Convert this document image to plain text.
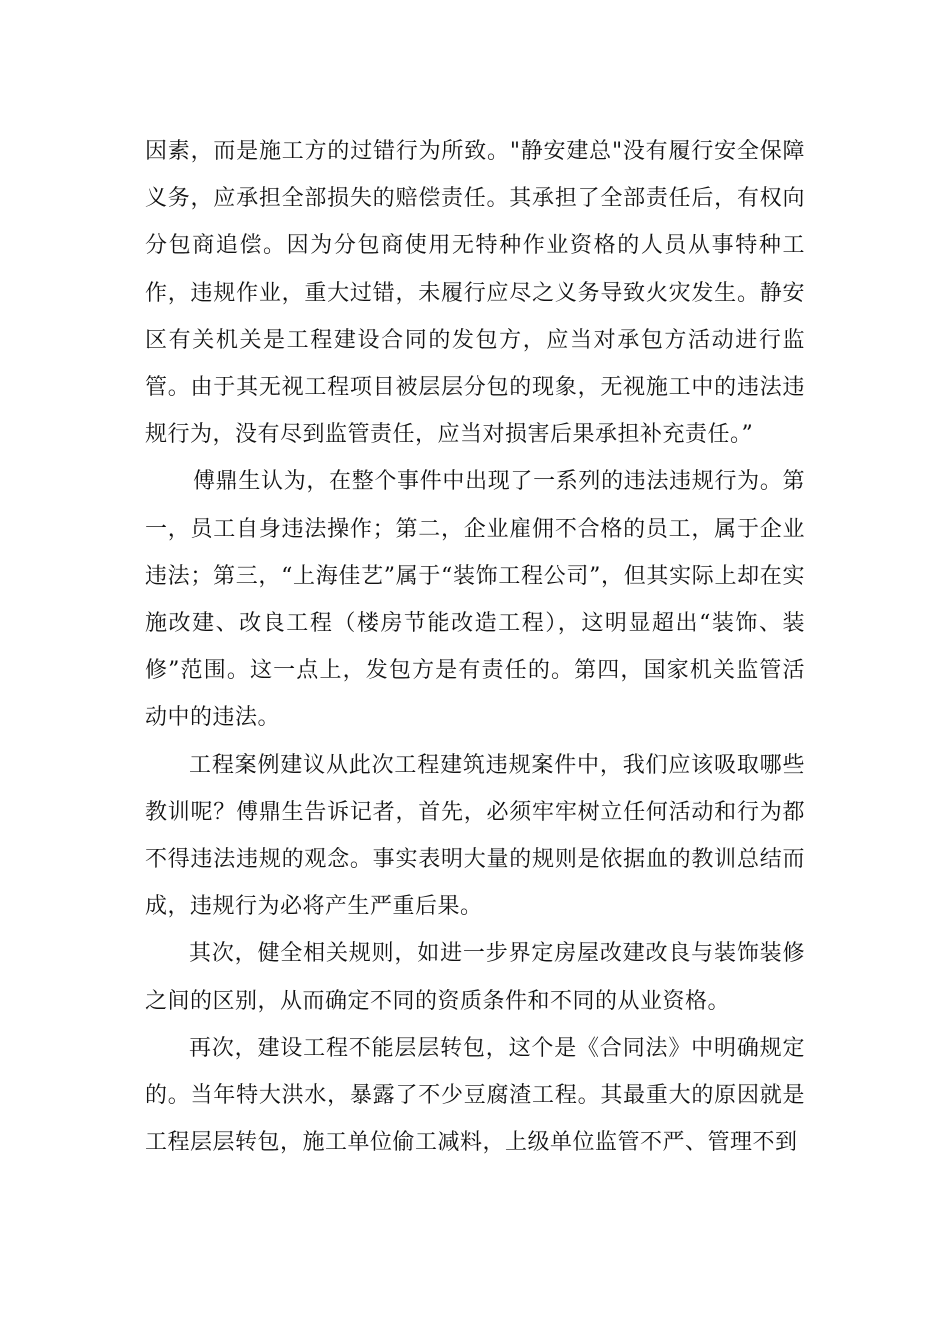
因素，而是施工方的过错行为所致。"静安建总"没有履行安全保障义务，应承担全部损失的赔偿责任。其承担了全部责任后，有权向分包商追偿。因为分包商使用无特种作业资格的人员从事特种工作，违规作业，重大过错，未履行应尽之义务导致火灾发生。静安区有关机关是工程建设合同的发包方，应当对承包方活动进行监管。由于其无视工程项目被层层分包的现象，无视施工中的违法违规行为，没有尽到监管责任，应当对损害后果承担补充责任。”

傅鼎生认为，在整个事件中出现了一系列的违法违规行为。第一，员工自身违法操作；第二，企业雇佣不合格的员工，属于企业违法；第三，“上海佳艺”属于“装饰工程公司”，但其实际上却在实施改建、改良工程（楼房节能改造工程），这明显超出“装饰、装修”范围。这一点上，发包方是有责任的。第四，国家机关监管活动中的违法。

工程案例建议从此次工程建筑违规案件中，我们应该吸取哪些教训呢？傅鼎生告诉记者，首先，必须牢牢树立任何活动和行为都不得违法违规的观念。事实表明大量的规则是依据血的教训总结而成，违规行为必将产生严重后果。

其次，健全相关规则，如进一步界定房屋改建改良与装饰装修之间的区别，从而确定不同的资质条件和不同的从业资格。

再次，建设工程不能层层转包，这个是《合同法》中明确规定的。当年特大洪水，暴露了不少豆腐渣工程。其最重大的原因就是工程层层转包，施工单位偷工减料，上级单位监管不严、管理不到
